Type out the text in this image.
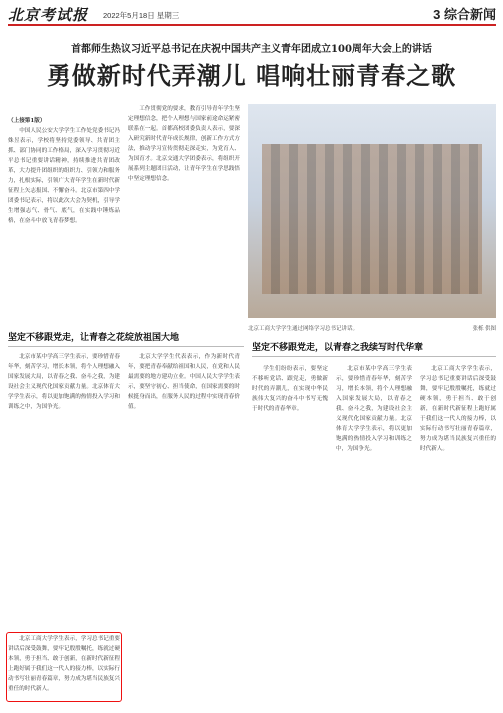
北京考试报 2022年5月18日 星期三	3 综合新闻
首都师生热议习近平总书记在庆祝中国共产主义青年团成立100周年大会上的讲话
勇做新时代弄潮儿 唱响壮丽青春之歌

（上接第1版）

中国人民公安大学学生工作处党委书记冯姝昱表示，学校将坚持党委领导、共青团主抓、部门协同的工作格局，深入学习贯彻习近平总书记重要讲话精神，持续推进共青团改革，大力提升团组织的组织力、引领力和服务力，扎根实际，引领广大青年学生在新时代新征程上矢志报国、不懈奋斗。北京市第四中学团委书记表示，将以此次大会为契机，引导学生增强志气、骨气、底气，在实践中锤炼品格，在奋斗中放飞青春梦想。

工作贯彻党的要求，教育引导青年学生坚定理想信念，把个人理想与国家前途命运紧密联系在一起。首都高校团委负责人表示，要深入研究新时代青年成长规律，创新工作方式方法，推动学习宣传贯彻走深走实，为党育人、为国育才。北京交通大学团委表示，将组织开展系列主题团日活动，让青年学生在学思践悟中坚定理想信念。

北京工商大学学生通过网络学习总书记讲话。	张栎 供图
坚定不移跟党走，让青春之花绽放祖国大地

北京市某中学高三学生表示，要珍惜青春年华，刻苦学习，增长本领，将个人理想融入国家发展大局，以青春之我、奋斗之我，为建设社会主义现代化国家贡献力量。北京体育大学学生表示，将以更加饱满的热情投入学习和训练之中，为国争光。

北京大学学生代表表示，作为新时代青年，要把青春奉献给祖国和人民，在党和人民最需要的地方建功立业。中国人民大学学生表示，要坚守初心、担当使命，在国家需要的时候挺身而出，在服务人民的过程中实现青春价值。

坚定不移跟党走，以青春之我续写时代华章

学生们纷纷表示，要坚定不移听党话、跟党走，勇做新时代的弄潮儿，在实现中华民族伟大复兴的奋斗中书写无愧于时代的青春华章。

北京市某中学高三学生表示，要珍惜青春年华，刻苦学习，增长本领，将个人理想融入国家发展大局，以青春之我、奋斗之我，为建设社会主义现代化国家贡献力量。北京体育大学学生表示，将以更加饱满的热情投入学习和训练之中，为国争光。

北京工商大学学生表示，学习总书记重要讲话后深受鼓舞，要牢记殷殷嘱托，练就过硬本领，勇于担当、敢于创新，在新时代新征程上跑好属于我们这一代人的接力棒，以实际行动书写壮丽青春篇章，努力成为堪当民族复兴重任的时代新人。

北京工商大学学生表示，学习总书记重要讲话后深受鼓舞，要牢记殷殷嘱托，练就过硬本领，勇于担当、敢于创新，在新时代新征程上跑好属于我们这一代人的接力棒，以实际行动书写壮丽青春篇章，努力成为堪当民族复兴重任的时代新人。
